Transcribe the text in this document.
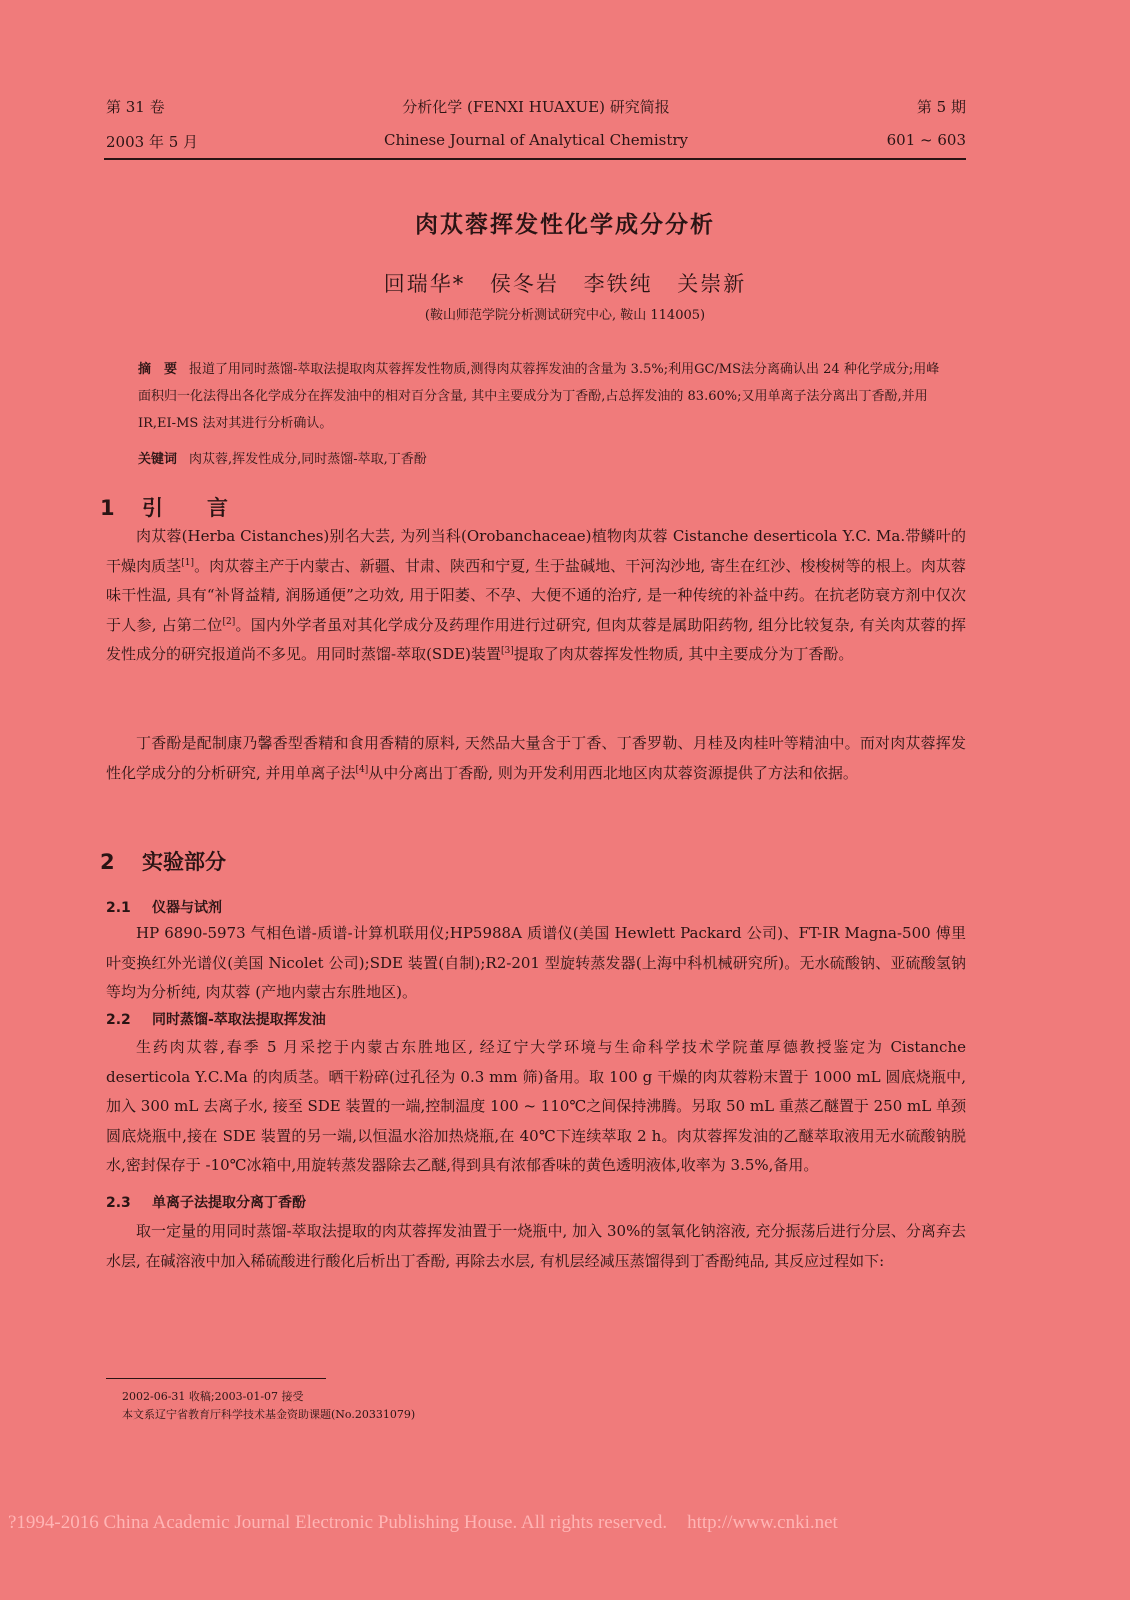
第 31 卷	分析化学 (FENXI HUAXUE) 研究简报	第 5 期
2003 年 5 月	Chinese Journal of Analytical Chemistry	601 ~ 603
肉苁蓉挥发性化学成分分析
回瑞华* 侯冬岩 李铁纯 关崇新
(鞍山师范学院分析测试研究中心, 鞍山 114005)
摘　要 报道了用同时蒸馏-萃取法提取肉苁蓉挥发性物质,测得肉苁蓉挥发油的含量为 3.5%;利用GC/MS法分离确认出 24 种化学成分;用峰面积归一化法得出各化学成分在挥发油中的相对百分含量, 其中主要成分为丁香酚,占总挥发油的 83.60%;又用单离子法分离出丁香酚,并用 IR,EI-MS 法对其进行分析确认。
关键词 肉苁蓉,挥发性成分,同时蒸馏-萃取,丁香酚
1 引言

肉苁蓉(Herba Cistanches)别名大芸, 为列当科(Orobanchaceae)植物肉苁蓉 Cistanche deserticola Y.C. Ma.带鳞叶的干燥肉质茎[1]。肉苁蓉主产于内蒙古、新疆、甘肃、陕西和宁夏, 生于盐碱地、干河沟沙地, 寄生在红沙、梭梭树等的根上。肉苁蓉味干性温, 具有“补肾益精, 润肠通便”之功效, 用于阳萎、不孕、大便不通的治疗, 是一种传统的补益中药。在抗老防衰方剂中仅次于人参, 占第二位[2]。国内外学者虽对其化学成分及药理作用进行过研究, 但肉苁蓉是属助阳药物, 组分比较复杂, 有关肉苁蓉的挥发性成分的研究报道尚不多见。用同时蒸馏-萃取(SDE)装置[3]提取了肉苁蓉挥发性物质, 其中主要成分为丁香酚。

丁香酚是配制康乃馨香型香精和食用香精的原料, 天然品大量含于丁香、丁香罗勒、月桂及肉桂叶等精油中。而对肉苁蓉挥发性化学成分的分析研究, 并用单离子法[4]从中分离出丁香酚, 则为开发利用西北地区肉苁蓉资源提供了方法和依据。

2 实验部分
2.1 仪器与试剂

HP 6890-5973 气相色谱-质谱-计算机联用仪;HP5988A 质谱仪(美国 Hewlett Packard 公司)、FT-IR Magna-500 傅里叶变换红外光谱仪(美国 Nicolet 公司);SDE 装置(自制);R2-201 型旋转蒸发器(上海中科机械研究所)。无水硫酸钠、亚硫酸氢钠等均为分析纯, 肉苁蓉 (产地内蒙古东胜地区)。

2.2 同时蒸馏-萃取法提取挥发油

生药肉苁蓉,春季 5 月采挖于内蒙古东胜地区, 经辽宁大学环境与生命科学技术学院董厚德教授鉴定为 Cistanche deserticola Y.C.Ma 的肉质茎。晒干粉碎(过孔径为 0.3 mm 筛)备用。取 100 g 干燥的肉苁蓉粉末置于 1000 mL 圆底烧瓶中,加入 300 mL 去离子水, 接至 SDE 装置的一端,控制温度 100 ~ 110℃之间保持沸腾。另取 50 mL 重蒸乙醚置于 250 mL 单颈圆底烧瓶中,接在 SDE 装置的另一端,以恒温水浴加热烧瓶,在 40℃下连续萃取 2 h。肉苁蓉挥发油的乙醚萃取液用无水硫酸钠脱水,密封保存于 -10℃冰箱中,用旋转蒸发器除去乙醚,得到具有浓郁香味的黄色透明液体,收率为 3.5%,备用。

2.3 单离子法提取分离丁香酚

取一定量的用同时蒸馏-萃取法提取的肉苁蓉挥发油置于一烧瓶中, 加入 30%的氢氧化钠溶液, 充分振荡后进行分层、分离弃去水层, 在碱溶液中加入稀硫酸进行酸化后析出丁香酚, 再除去水层, 有机层经减压蒸馏得到丁香酚纯品, 其反应过程如下:

2002-06-31 收稿;2003-01-07 接受
本文系辽宁省教育厅科学技术基金资助课题(No.20331079)
?1994-2016 China Academic Journal Electronic Publishing House. All rights reserved. http://www.cnki.net
